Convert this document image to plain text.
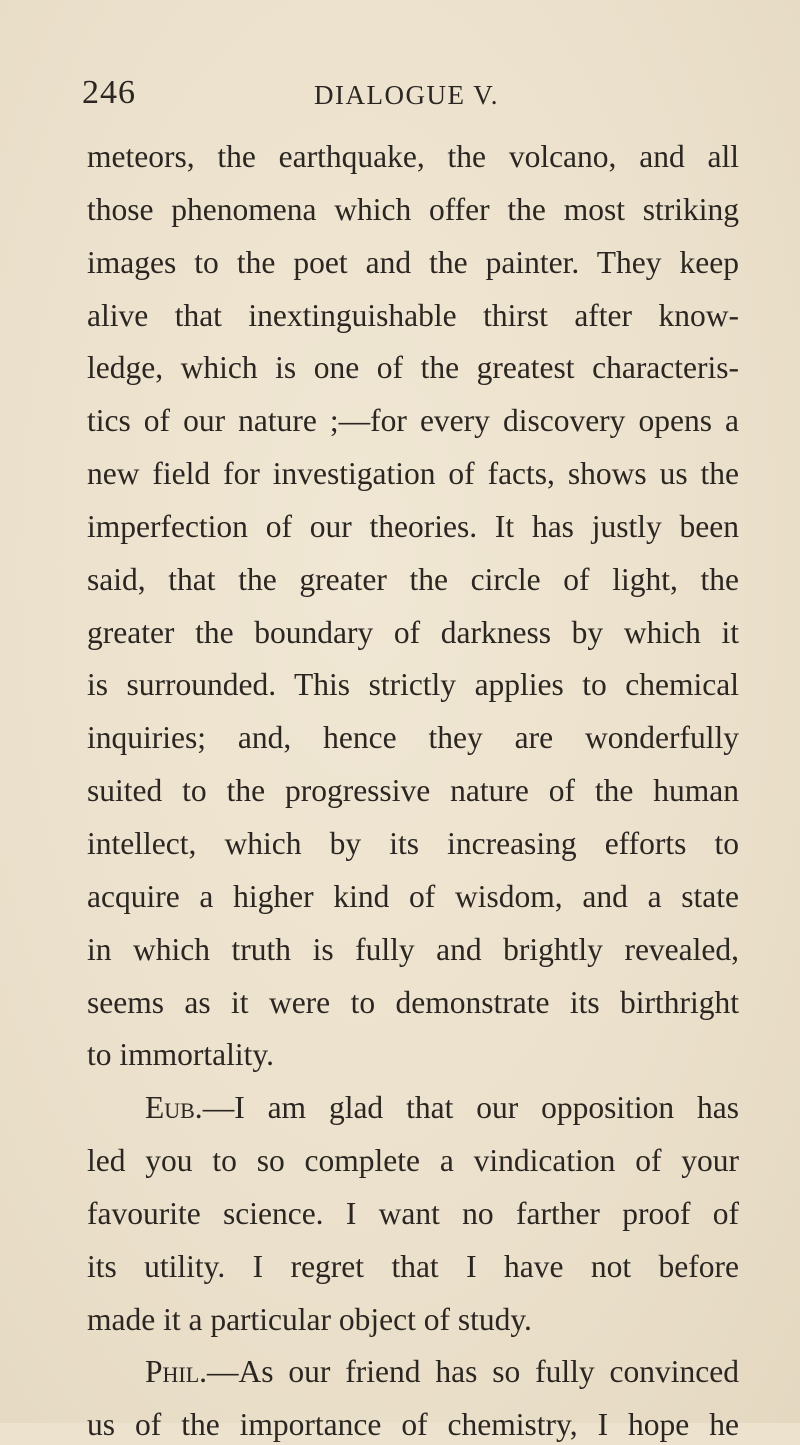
246	DIALOGUE V.
meteors, the earthquake, the volcano, and all
those phenomena which offer the most striking
images to the poet and the painter. They keep
alive that inextinguishable thirst after know-
ledge, which is one of the greatest characteris-
tics of our nature ;—for every discovery opens a
new field for investigation of facts, shows us the
imperfection of our theories. It has justly been
said, that the greater the circle of light, the
greater the boundary of darkness by which it
is surrounded. This strictly applies to chemical
inquiries; and, hence they are wonderfully
suited to the progressive nature of the human
intellect, which by its increasing efforts to
acquire a higher kind of wisdom, and a state
in which truth is fully and brightly revealed,
seems as it were to demonstrate its birthright
to immortality.
Eub.—I am glad that our opposition has
led you to so complete a vindication of your
favourite science. I want no farther proof of
its utility. I regret that I have not before
made it a particular object of study.
Phil.—As our friend has so fully convinced
us of the importance of chemistry, I hope he
